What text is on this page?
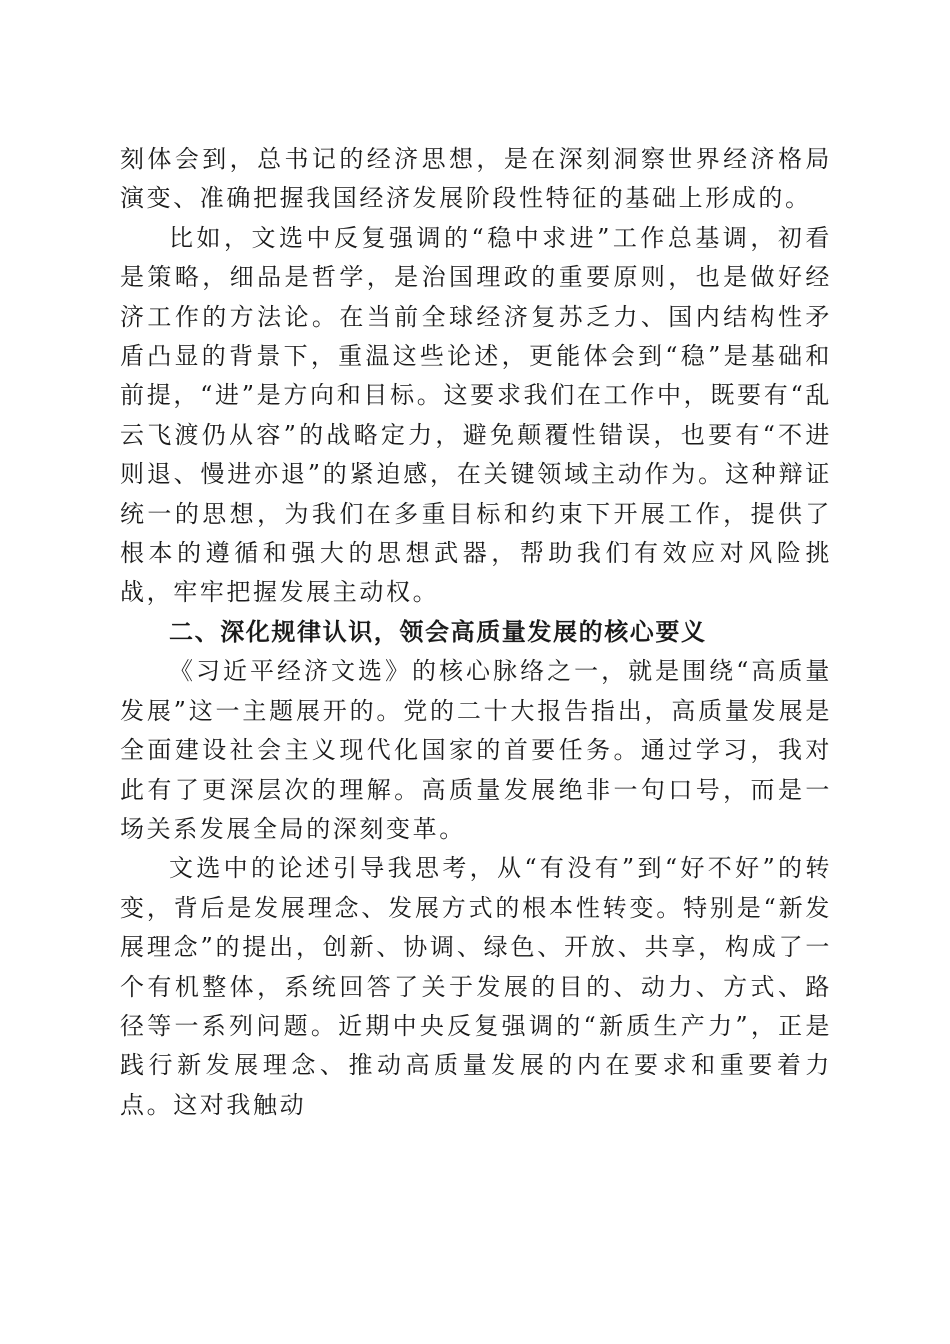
刻体会到，总书记的经济思想，是在深刻洞察世界经济格局演变、准确把握我国经济发展阶段性特征的基础上形成的。

比如，文选中反复强调的“稳中求进”工作总基调，初看是策略，细品是哲学，是治国理政的重要原则，也是做好经济工作的方法论。在当前全球经济复苏乏力、国内结构性矛盾凸显的背景下，重温这些论述，更能体会到“稳”是基础和前提，“进”是方向和目标。这要求我们在工作中，既要有“乱云飞渡仍从容”的战略定力，避免颠覆性错误，也要有“不进则退、慢进亦退”的紧迫感，在关键领域主动作为。这种辩证统一的思想，为我们在多重目标和约束下开展工作，提供了根本的遵循和强大的思想武器，帮助我们有效应对风险挑战，牢牢把握发展主动权。

二、深化规律认识，领会高质量发展的核心要义

《习近平经济文选》的核心脉络之一，就是围绕“高质量发展”这一主题展开的。党的二十大报告指出，高质量发展是全面建设社会主义现代化国家的首要任务。通过学习，我对此有了更深层次的理解。高质量发展绝非一句口号，而是一场关系发展全局的深刻变革。

文选中的论述引导我思考，从“有没有”到“好不好”的转变，背后是发展理念、发展方式的根本性转变。特别是“新发展理念”的提出，创新、协调、绿色、开放、共享，构成了一个有机整体，系统回答了关于发展的目的、动力、方式、路径等一系列问题。近期中央反复强调的“新质生产力”，正是践行新发展理念、推动高质量发展的内在要求和重要着力点。这对我触动
